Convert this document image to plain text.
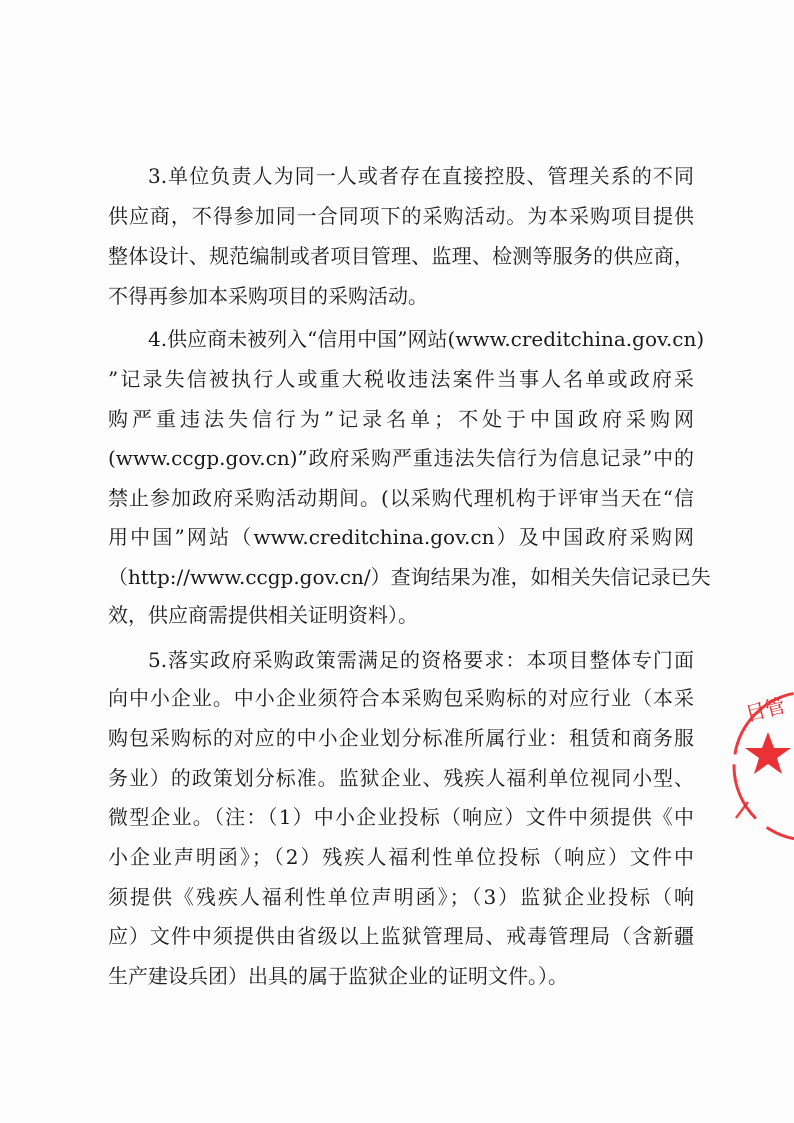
3.单位负责人为同一人或者存在直接控股、管理关系的不同
供应商，不得参加同一合同项下的采购活动。为本采购项目提供
整体设计、规范编制或者项目管理、监理、检测等服务的供应商，
不得再参加本采购项目的采购活动。
4.供应商未被列入“信用中国”网站(www.creditchina.gov.cn)
”记录失信被执行人或重大税收违法案件当事人名单或政府采
购严重违法失信行为”记录名单；不处于中国政府采购网
(www.ccgp.gov.cn)”政府采购严重违法失信行为信息记录”中的
禁止参加政府采购活动期间。(以采购代理机构于评审当天在“信
用中国”网站（www.creditchina.gov.cn）及中国政府采购网
（http://www.ccgp.gov.cn/）查询结果为准，如相关失信记录已失
效，供应商需提供相关证明资料）。
5.落实政府采购政策需满足的资格要求：本项目整体专门面
向中小企业。中小企业须符合本采购包采购标的对应行业（本采
购包采购标的对应的中小企业划分标准所属行业：租赁和商务服
务业）的政策划分标准。监狱企业、残疾人福利单位视同小型、
微型企业。（注：（1）中小企业投标（响应）文件中须提供《中
小企业声明函》；（2）残疾人福利性单位投标（响应）文件中
须提供《残疾人福利性单位声明函》；（3）监狱企业投标（响
应）文件中须提供由省级以上监狱管理局、戒毒管理局（含新疆
生产建设兵团）出具的属于监狱企业的证明文件。）。
目管
